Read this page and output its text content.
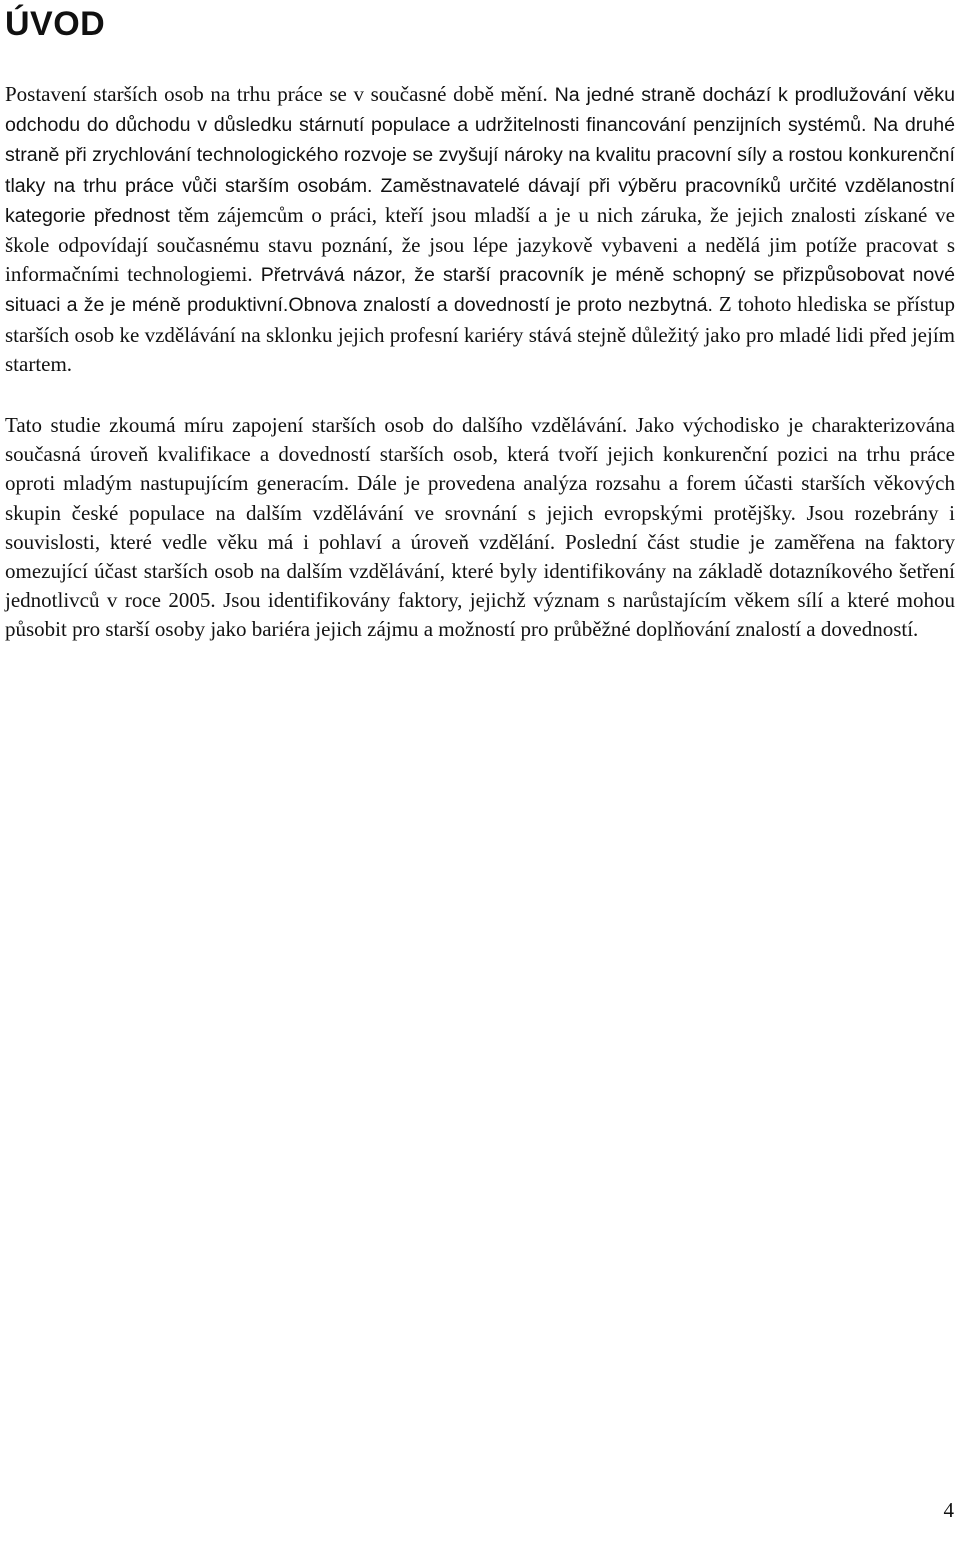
ÚVOD

Postavení starších osob na trhu práce se v současné době mění. Na jedné straně dochází k prodlužování věku odchodu do důchodu v důsledku stárnutí populace a udržitelnosti financování penzijních systémů. Na druhé straně při zrychlování technologického rozvoje se zvyšují nároky na kvalitu pracovní síly a rostou konkurenční tlaky na trhu práce vůči starším osobám. Zaměstnavatelé dávají při výběru pracovníků určité vzdělanostní kategorie přednost těm zájemcům o práci, kteří jsou mladší a je u nich záruka, že jejich znalosti získané ve škole odpovídají současnému stavu poznání, že jsou lépe jazykově vybaveni a nedělá jim potíže pracovat s informačními technologiemi. Přetrvává názor, že starší pracovník je méně schopný se přizpůsobovat nové situaci a že je méně produktivní.Obnova znalostí a dovedností je proto nezbytná. Z tohoto hlediska se přístup starších osob ke vzdělávání na sklonku jejich profesní kariéry stává stejně důležitý jako pro mladé lidi před jejím startem.

Tato studie zkoumá míru zapojení starších osob do dalšího vzdělávání. Jako východisko je charakterizována současná úroveň kvalifikace a dovedností starších osob, která tvoří jejich konkurenční pozici na trhu práce oproti mladým nastupujícím generacím. Dále je provedena analýza rozsahu a forem účasti starších věkových skupin české populace na dalším vzdělávání ve srovnání s jejich evropskými protějšky. Jsou rozebrány i souvislosti, které vedle věku má i pohlaví a úroveň vzdělání. Poslední část studie je zaměřena na faktory omezující účast starších osob na dalším vzdělávání, které byly identifikovány na základě dotazníkového šetření jednotlivců v roce 2005. Jsou identifikovány faktory, jejichž význam s narůstajícím věkem sílí a které mohou působit pro starší osoby jako bariéra jejich zájmu a možností pro průběžné doplňování znalostí a dovedností.

4
